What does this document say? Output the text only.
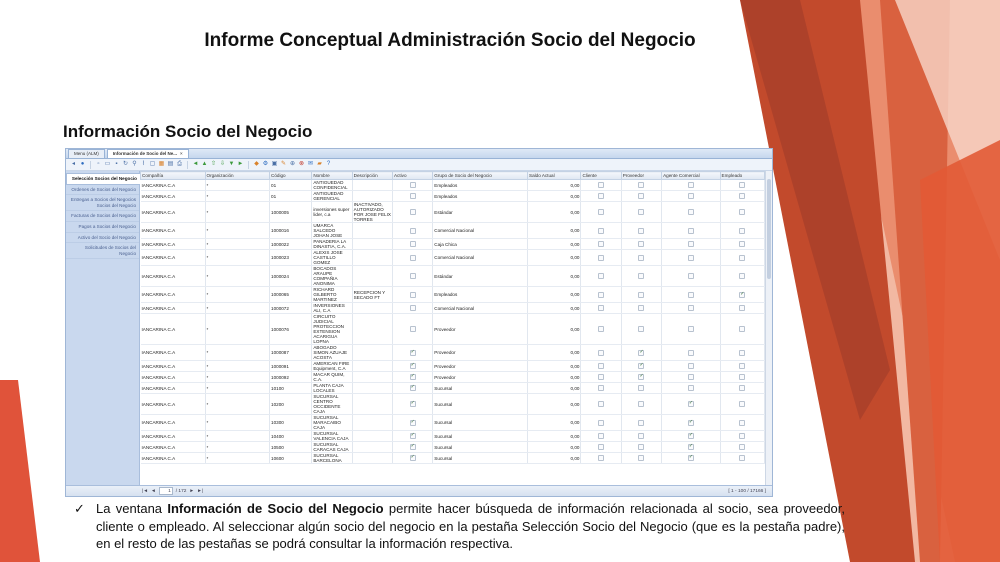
Informe Conceptual Administración Socio del Negocio
Información Socio del Negocio
Menu (ALM)	Información de Socio del Ne... ×
◂ ●	▫ ▭ ▪ ↻ ⚲ ⌇ ▢ ▦ ▤ ⎙ ◄ ▲ ⇧ ⇩ ▼ ► ◆ ⚙ ▣ ✎ ⊕ ⊗ ✉ ▰ ?
Selección Socios del Negocio
Ordenes de Socios del Negocio
Entregas a Socios del Negocios Socios del Negocio
Facturas de Socios del Negocio
Pagos a Socios del Negocio
Activo del Socio del Negocio
Solicitudes de Socios del Negocio
Compañía	Organización	Código	Nombre	Descripción	Activo	Grupo de Socio del Negocio	Saldo Actual	Cliente	Proveedor	Agente Comercial	Empleado
IANCARINA C.A	*	01	ANTIGUEDAD CONFIDENCIAL			Empleados	0,00				
IANCARINA C.A	*	01	ANTIGUEDAD GERENCIAL			Empleados	0,00				
IANCARINA C.A	*	1000005	inversiones super lider, c.a	INACTIVADO, AUTORIZADO POR JOSE FELIX TORRES		Estándar	0,00				
IANCARINA C.A	*	1000016	UMARCA SALCEDO JOHAN JOSE			Comercial Nacional	0,00				
IANCARINA C.A	*	1000022	PANADERIA LA DINASTIA, C.A.			Caja Chica	0,00				
IANCARINA C.A	*	1000023	ALEXIS JOSE CASTILLO GOMEZ			Comercial Nacional	0,00				
IANCARINA C.A	*	1000024	BOCADOS ARAUPE COMPAÑIA ANONIMA			Estándar	0,00				
IANCARINA C.A	*	1000065	RICHARD GILBERTO MARTINEZ	RECEPCION Y SECADO FT		Empleados	0,00				✓
IANCARINA C.A	*	1000072	INVERSIONES ALI, C.A			Comercial Nacional	0,00				
IANCARINA C.A	*	1000076	CIRCUITO JUDICIAL PROTECCION EXTENSION ACARIGUA LOPNA			Proveedor	0,00				
IANCARINA C.A	*	1000087	ABOGADO SIMON AZUAJE ACOSTA		✓	Proveedor	0,00		✓		
IANCARINA C.A	*	1000091	AMERICAN FIRE Equipment, C.A		✓	Proveedor	0,00		✓		
IANCARINA C.A	*	1000092	MACAR QUIM, C.A.		✓	Proveedor	0,00		✓		
IANCARINA C.A	*	10100	PLANTA CAJA LOCALES		✓	Sucursal	0,00				
IANCARINA C.A	*	10200	SUCURSAL CENTRO OCCIDENTE CAJA		✓	Sucursal	0,00			✓	
IANCARINA C.A	*	10300	SUCURSAL MARACAIBO CAJA		✓	Sucursal	0,00			✓	
IANCARINA C.A	*	10400	SUCURSAL VALENCIA CAJA		✓	Sucursal	0,00			✓	
IANCARINA C.A	*	10500	SUCURSAL CARACAS CAJA		✓	Sucursal	0,00			✓	
IANCARINA C.A	*	10600	SUCURSAL BARCELONA		✓	Sucursal	0,00			✓	
|◄ ◄	1	/ 172 ► ►|	[ 1 - 100 / 17166 ]
✓ La ventana Información de Socio del Negocio permite hacer búsqueda de información relacionada al socio, sea proveedor, cliente o empleado. Al seleccionar algún socio del negocio en la pestaña Selección Socio del Negocio (que es la pestaña padre), en el resto de las pestañas se podrá consultar la información respectiva.
